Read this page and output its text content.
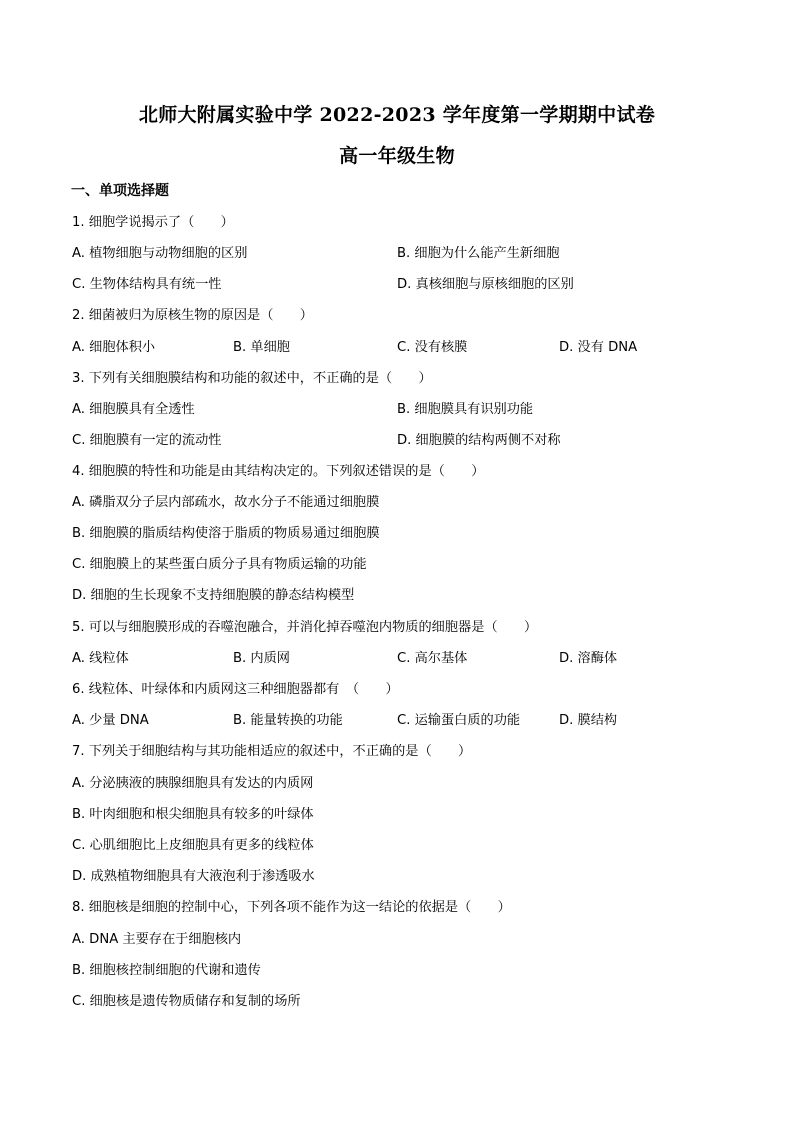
北师大附属实验中学 2022-2023 学年度第一学期期中试卷
高一年级生物
一、单项选择题
1. 细胞学说揭示了（　　）
A. 植物细胞与动物细胞的区别	B. 细胞为什么能产生新细胞
C. 生物体结构具有统一性	D. 真核细胞与原核细胞的区别
2. 细菌被归为原核生物的原因是（　　）
A. 细胞体积小	B. 单细胞	C. 没有核膜	D. 没有 DNA
3. 下列有关细胞膜结构和功能的叙述中，不正确的是（　　）
A. 细胞膜具有全透性	B. 细胞膜具有识别功能
C. 细胞膜有一定的流动性	D. 细胞膜的结构两侧不对称
4. 细胞膜的特性和功能是由其结构决定的。下列叙述错误的是（　　）
A. 磷脂双分子层内部疏水，故水分子不能通过细胞膜
B. 细胞膜的脂质结构使溶于脂质的物质易通过细胞膜
C. 细胞膜上的某些蛋白质分子具有物质运输的功能
D. 细胞的生长现象不支持细胞膜的静态结构模型
5. 可以与细胞膜形成的吞噬泡融合，并消化掉吞噬泡内物质的细胞器是（　　）
A. 线粒体	B. 内质网	C. 高尔基体	D. 溶酶体
6. 线粒体、叶绿体和内质网这三种细胞器都有　（　　）
A. 少量 DNA	B. 能量转换的功能	C. 运输蛋白质的功能	D. 膜结构
7. 下列关于细胞结构与其功能相适应的叙述中，不正确的是（　　）
A. 分泌胰液的胰腺细胞具有发达的内质网
B. 叶肉细胞和根尖细胞具有较多的叶绿体
C. 心肌细胞比上皮细胞具有更多的线粒体
D. 成熟植物细胞具有大液泡利于渗透吸水
8. 细胞核是细胞的控制中心，下列各项不能作为这一结论的依据是（　　）
A. DNA 主要存在于细胞核内
B. 细胞核控制细胞的代谢和遗传
C. 细胞核是遗传物质储存和复制的场所
